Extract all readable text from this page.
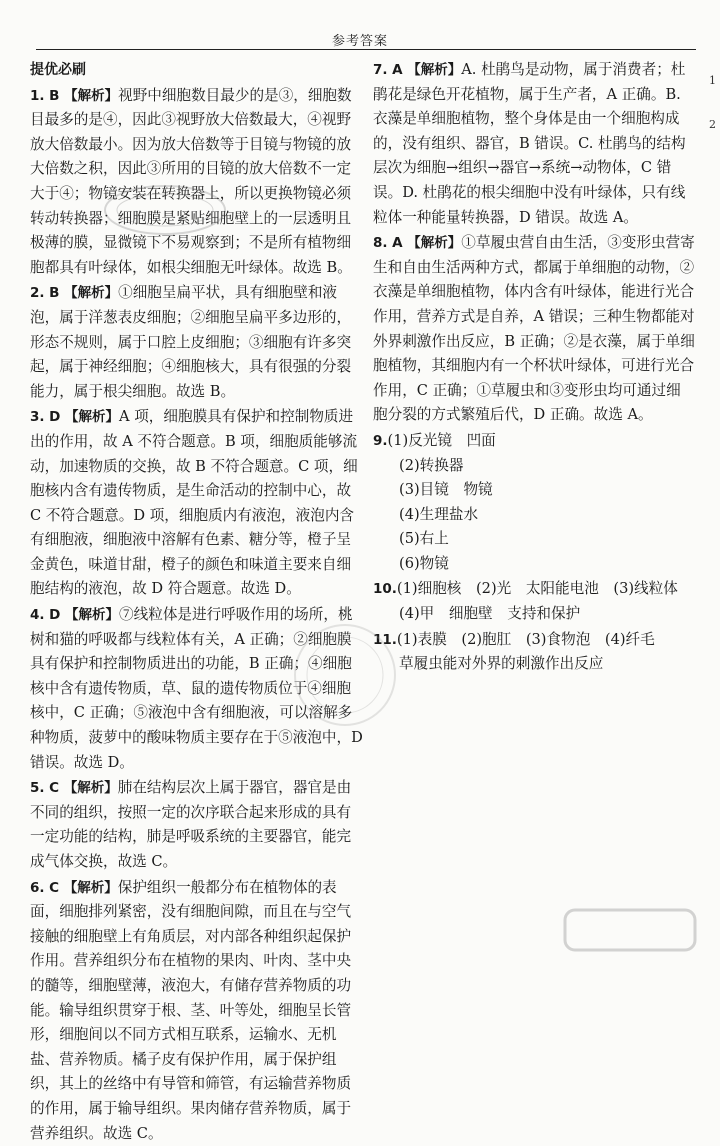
参考答案
1
2
提优必刷
1. B 【解析】视野中细胞数目最少的是③，细胞数目最多的是④，因此③视野放大倍数最大，④视野放大倍数最小。因为放大倍数等于目镜与物镜的放大倍数之积，因此③所用的目镜的放大倍数不一定大于④；物镜安装在转换器上，所以更换物镜必须转动转换器；细胞膜是紧贴细胞壁上的一层透明且极薄的膜，显微镜下不易观察到；不是所有植物细胞都具有叶绿体，如根尖细胞无叶绿体。故选 B。
2. B 【解析】①细胞呈扁平状，具有细胞壁和液泡，属于洋葱表皮细胞；②细胞呈扁平多边形的，形态不规则，属于口腔上皮细胞；③细胞有许多突起，属于神经细胞；④细胞核大，具有很强的分裂能力，属于根尖细胞。故选 B。
3. D 【解析】A 项，细胞膜具有保护和控制物质进出的作用，故 A 不符合题意。B 项，细胞质能够流动，加速物质的交换，故 B 不符合题意。C 项，细胞核内含有遗传物质，是生命活动的控制中心，故 C 不符合题意。D 项，细胞质内有液泡，液泡内含有细胞液，细胞液中溶解有色素、糖分等，橙子呈金黄色，味道甘甜，橙子的颜色和味道主要来自细胞结构的液泡，故 D 符合题意。故选 D。
4. D 【解析】⑦线粒体是进行呼吸作用的场所，桃树和猫的呼吸都与线粒体有关，A 正确；②细胞膜具有保护和控制物质进出的功能，B 正确；④细胞核中含有遗传物质，草、鼠的遗传物质位于④细胞核中，C 正确；⑤液泡中含有细胞液，可以溶解多种物质，菠萝中的酸味物质主要存在于⑤液泡中，D 错误。故选 D。
5. C 【解析】肺在结构层次上属于器官，器官是由不同的组织，按照一定的次序联合起来形成的具有一定功能的结构，肺是呼吸系统的主要器官，能完成气体交换，故选 C。
6. C 【解析】保护组织一般都分布在植物体的表面，细胞排列紧密，没有细胞间隙，而且在与空气接触的细胞壁上有角质层，对内部各种组织起保护作用。营养组织分布在植物的果肉、叶肉、茎中央的髓等，细胞壁薄，液泡大，有储存营养物质的功能。输导组织贯穿于根、茎、叶等处，细胞呈长管形，细胞间以不同方式相互联系，运输水、无机盐、营养物质。橘子皮有保护作用，属于保护组织，其上的丝络中有导管和筛管，有运输营养物质的作用，属于输导组织。果肉储存营养物质，属于营养组织。故选 C。
7. A 【解析】A. 杜鹃鸟是动物，属于消费者；杜鹃花是绿色开花植物，属于生产者，A 正确。B. 衣藻是单细胞植物，整个身体是由一个细胞构成的，没有组织、器官，B 错误。C. 杜鹃鸟的结构层次为细胞→组织→器官→系统→动物体，C 错误。D. 杜鹃花的根尖细胞中没有叶绿体，只有线粒体一种能量转换器，D 错误。故选 A。
8. A 【解析】①草履虫营自由生活，③变形虫营寄生和自由生活两种方式，都属于单细胞的动物，②衣藻是单细胞植物，体内含有叶绿体，能进行光合作用，营养方式是自养，A 错误；三种生物都能对外界刺激作出反应，B 正确；②是衣藻，属于单细胞植物，其细胞内有一个杯状叶绿体，可进行光合作用，C 正确；①草履虫和③变形虫均可通过细胞分裂的方式繁殖后代，D 正确。故选 A。
9.(1)反光镜　凹面
(2)转换器
(3)目镜　物镜
(4)生理盐水
(5)右上
(6)物镜
10.(1)细胞核　(2)光　太阳能电池　(3)线粒体
(4)甲　细胞壁　支持和保护
11.(1)表膜　(2)胞肛　(3)食物泡　(4)纤毛
草履虫能对外界的刺激作出反应
